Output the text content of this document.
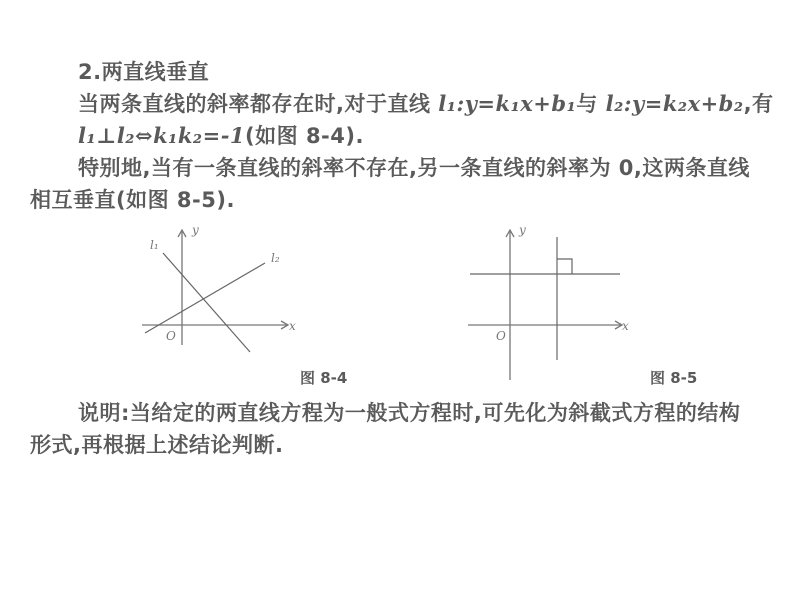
2.两直线垂直
当两条直线的斜率都存在时,对于直线 l₁:y=k₁x+b₁与 l₂:y=k₂x+b₂,有
l₁⊥l₂⇔k₁k₂=-1(如图 8-4).
特别地,当有一条直线的斜率不存在,另一条直线的斜率为 0,这两条直线
相互垂直(如图 8-5).
O
x
y
l₁
l₂
O
x
y
图 8-4	图 8-5
说明:当给定的两直线方程为一般式方程时,可先化为斜截式方程的结构
形式,再根据上述结论判断.
